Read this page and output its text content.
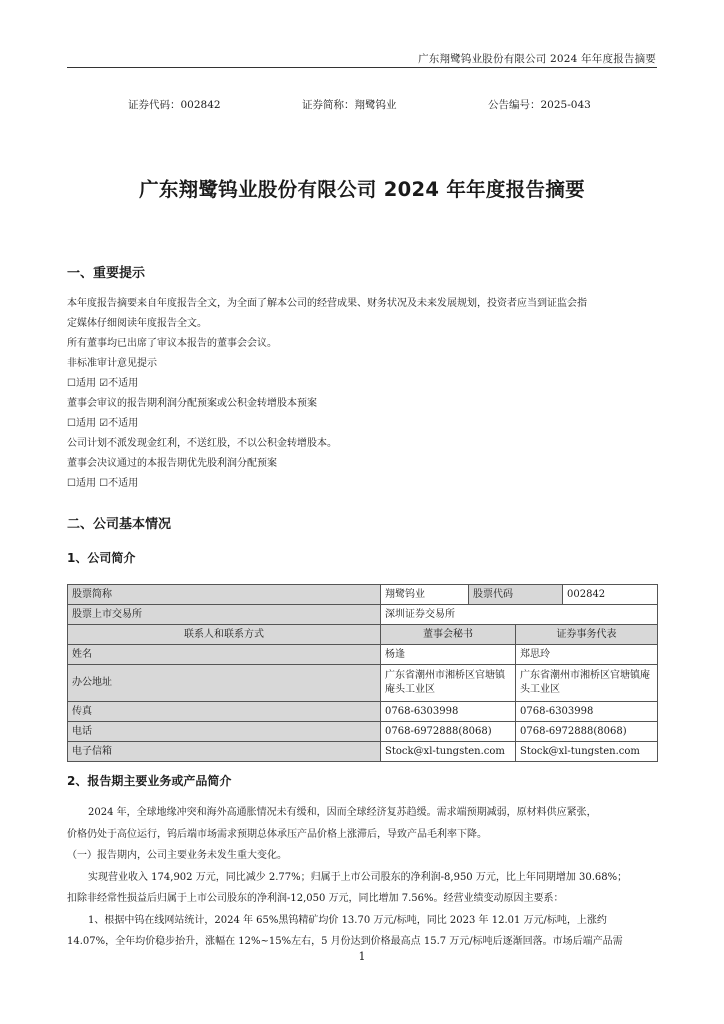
广东翔鹭钨业股份有限公司 2024 年年度报告摘要
证券代码：002842	证券简称：翔鹭钨业	公告编号：2025-043
广东翔鹭钨业股份有限公司 2024 年年度报告摘要
一、重要提示
本年度报告摘要来自年度报告全文，为全面了解本公司的经营成果、财务状况及未来发展规划，投资者应当到证监会指
定媒体仔细阅读年度报告全文。
所有董事均已出席了审议本报告的董事会会议。
非标准审计意见提示
☐适用 ☑不适用
董事会审议的报告期利润分配预案或公积金转增股本预案
☐适用 ☑不适用
公司计划不派发现金红利，不送红股，不以公积金转增股本。
董事会决议通过的本报告期优先股利润分配预案
☐适用 ☐不适用
二、公司基本情况
1、公司简介
股票简称	翔鹭钨业	股票代码		002842
股票上市交易所	深圳证券交易所			
联系人和联系方式	董事会秘书		证券事务代表	
姓名	杨逢		郑思玲	
办公地址	广东省潮州市湘桥区官塘镇庵头工业区		广东省潮州市湘桥区官塘镇庵头工业区	
传真	0768-6303998		0768-6303998	
电话	0768-6972888(8068)		0768-6972888(8068)	
电子信箱	Stock@xl-tungsten.com		Stock@xl-tungsten.com	
2、报告期主要业务或产品简介
2024 年，全球地缘冲突和海外高通胀情况未有缓和，因而全球经济复苏趋缓。需求端预期减弱，原材料供应紧张，
价格仍处于高位运行，钨后端市场需求预期总体承压产品价格上涨滞后，导致产品毛利率下降。
（一）报告期内，公司主要业务未发生重大变化。
实现营业收入 174,902 万元，同比减少 2.77%；归属于上市公司股东的净利润-8,950 万元，比上年同期增加 30.68%；
扣除非经常性损益后归属于上市公司股东的净利润-12,050 万元，同比增加 7.56%。经营业绩变动原因主要系：
1、根据中钨在线网站统计，2024 年 65%黑钨精矿均价 13.70 万元/标吨，同比 2023 年 12.01 万元/标吨，上涨约
14.07%，全年均价稳步抬升，涨幅在 12%~15%左右，5 月份达到价格最高点 15.7 万元/标吨后逐渐回落。市场后端产品需
1
